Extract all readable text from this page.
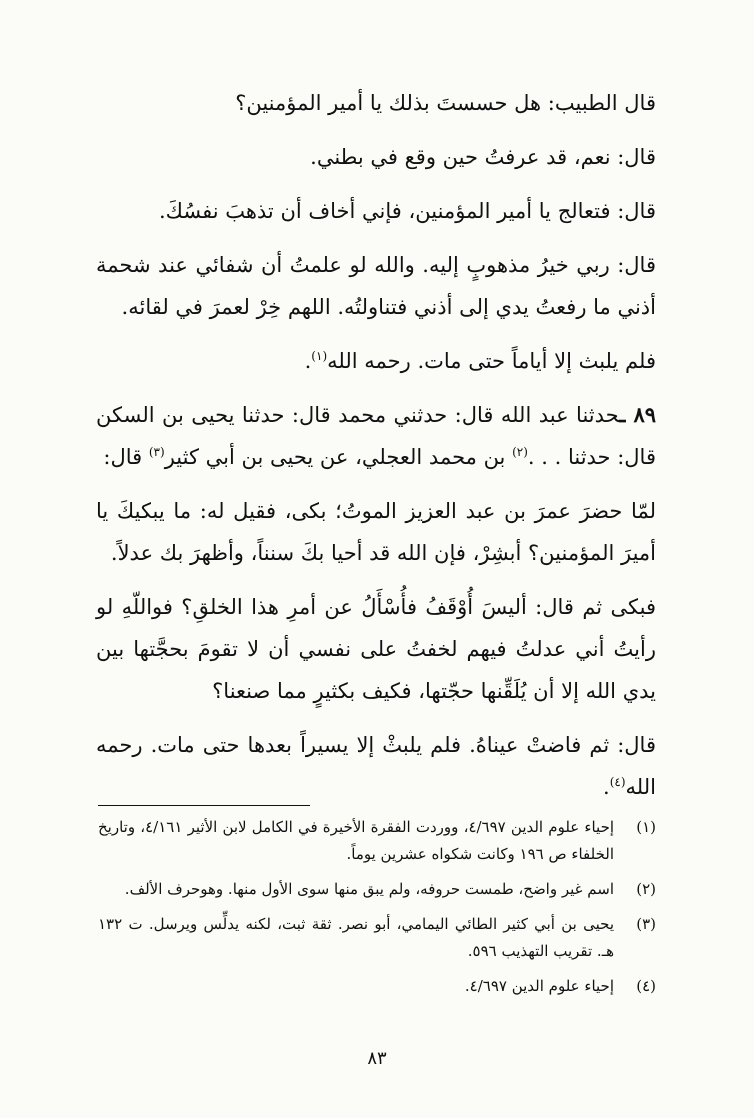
قال الطبيب: هل حسستَ بذلك يا أمير المؤمنين؟

قال: نعم، قد عرفتُ حين وقع في بطني.

قال: فتعالج يا أمير المؤمنين، فإني أخاف أن تذهبَ نفسُكَ.

قال: ربي خيرُ مذهوبٍ إليه. والله لو علمتُ أن شفائي عند شحمة أذني ما رفعتُ يدي إلى أذني فتناولتُه. اللهم خِرْ لعمرَ في لقائه.

فلم يلبث إلا أياماً حتى مات. رحمه الله$^{(١)}$.

٨٩ ـحدثنا عبد الله قال: حدثني محمد قال: حدثنا يحيى بن السكن قال: حدثنا . . .$^{(٢)}$ بن محمد العجلي، عن يحيى بن أبي كثير$^{(٣)}$ قال:

لمّا حضرَ عمرَ بن عبد العزيز الموتُ؛ بكى، فقيل له: ما يبكيكَ يا أميرَ المؤمنين؟ أبشِرْ، فإن الله قد أحيا بكَ سنناً، وأظهرَ بك عدلاً.

فبكى ثم قال: أليسَ أُوْقَفُ فأُسْأَلُ عن أمرِ هذا الخلقِ؟ فواللّهِ لو رأيتُ أني عدلتُ فيهم لخفتُ على نفسي أن لا تقومَ بحجَّتها بين يدي الله إلا أن يُلَقِّنها حجّتها، فكيف بكثيرٍ مما صنعنا؟

قال: ثم فاضتْ عيناهُ. فلم يلبثْ إلا يسيراً بعدها حتى مات. رحمه الله$^{(٤)}$.

(١)
إحياء علوم الدين ٤/٦٩٧، ووردت الفقرة الأخيرة في الكامل لابن الأثير ٤/١٦١، وتاريخ الخلفاء ص ١٩٦ وكانت شكواه عشرين يوماً.
(٢)
اسم غير واضح، طمست حروفه، ولم يبق منها سوى الأول منها. وهوحرف الألف.
(٣)
يحيى بن أبي كثير الطائي اليمامي، أبو نصر. ثقة ثبت، لكنه يدلِّس ويرسل. ت ١٣٢ هـ. تقريب التهذيب ٥٩٦.
(٤)
إحياء علوم الدين ٤/٦٩٧.
٨٣
